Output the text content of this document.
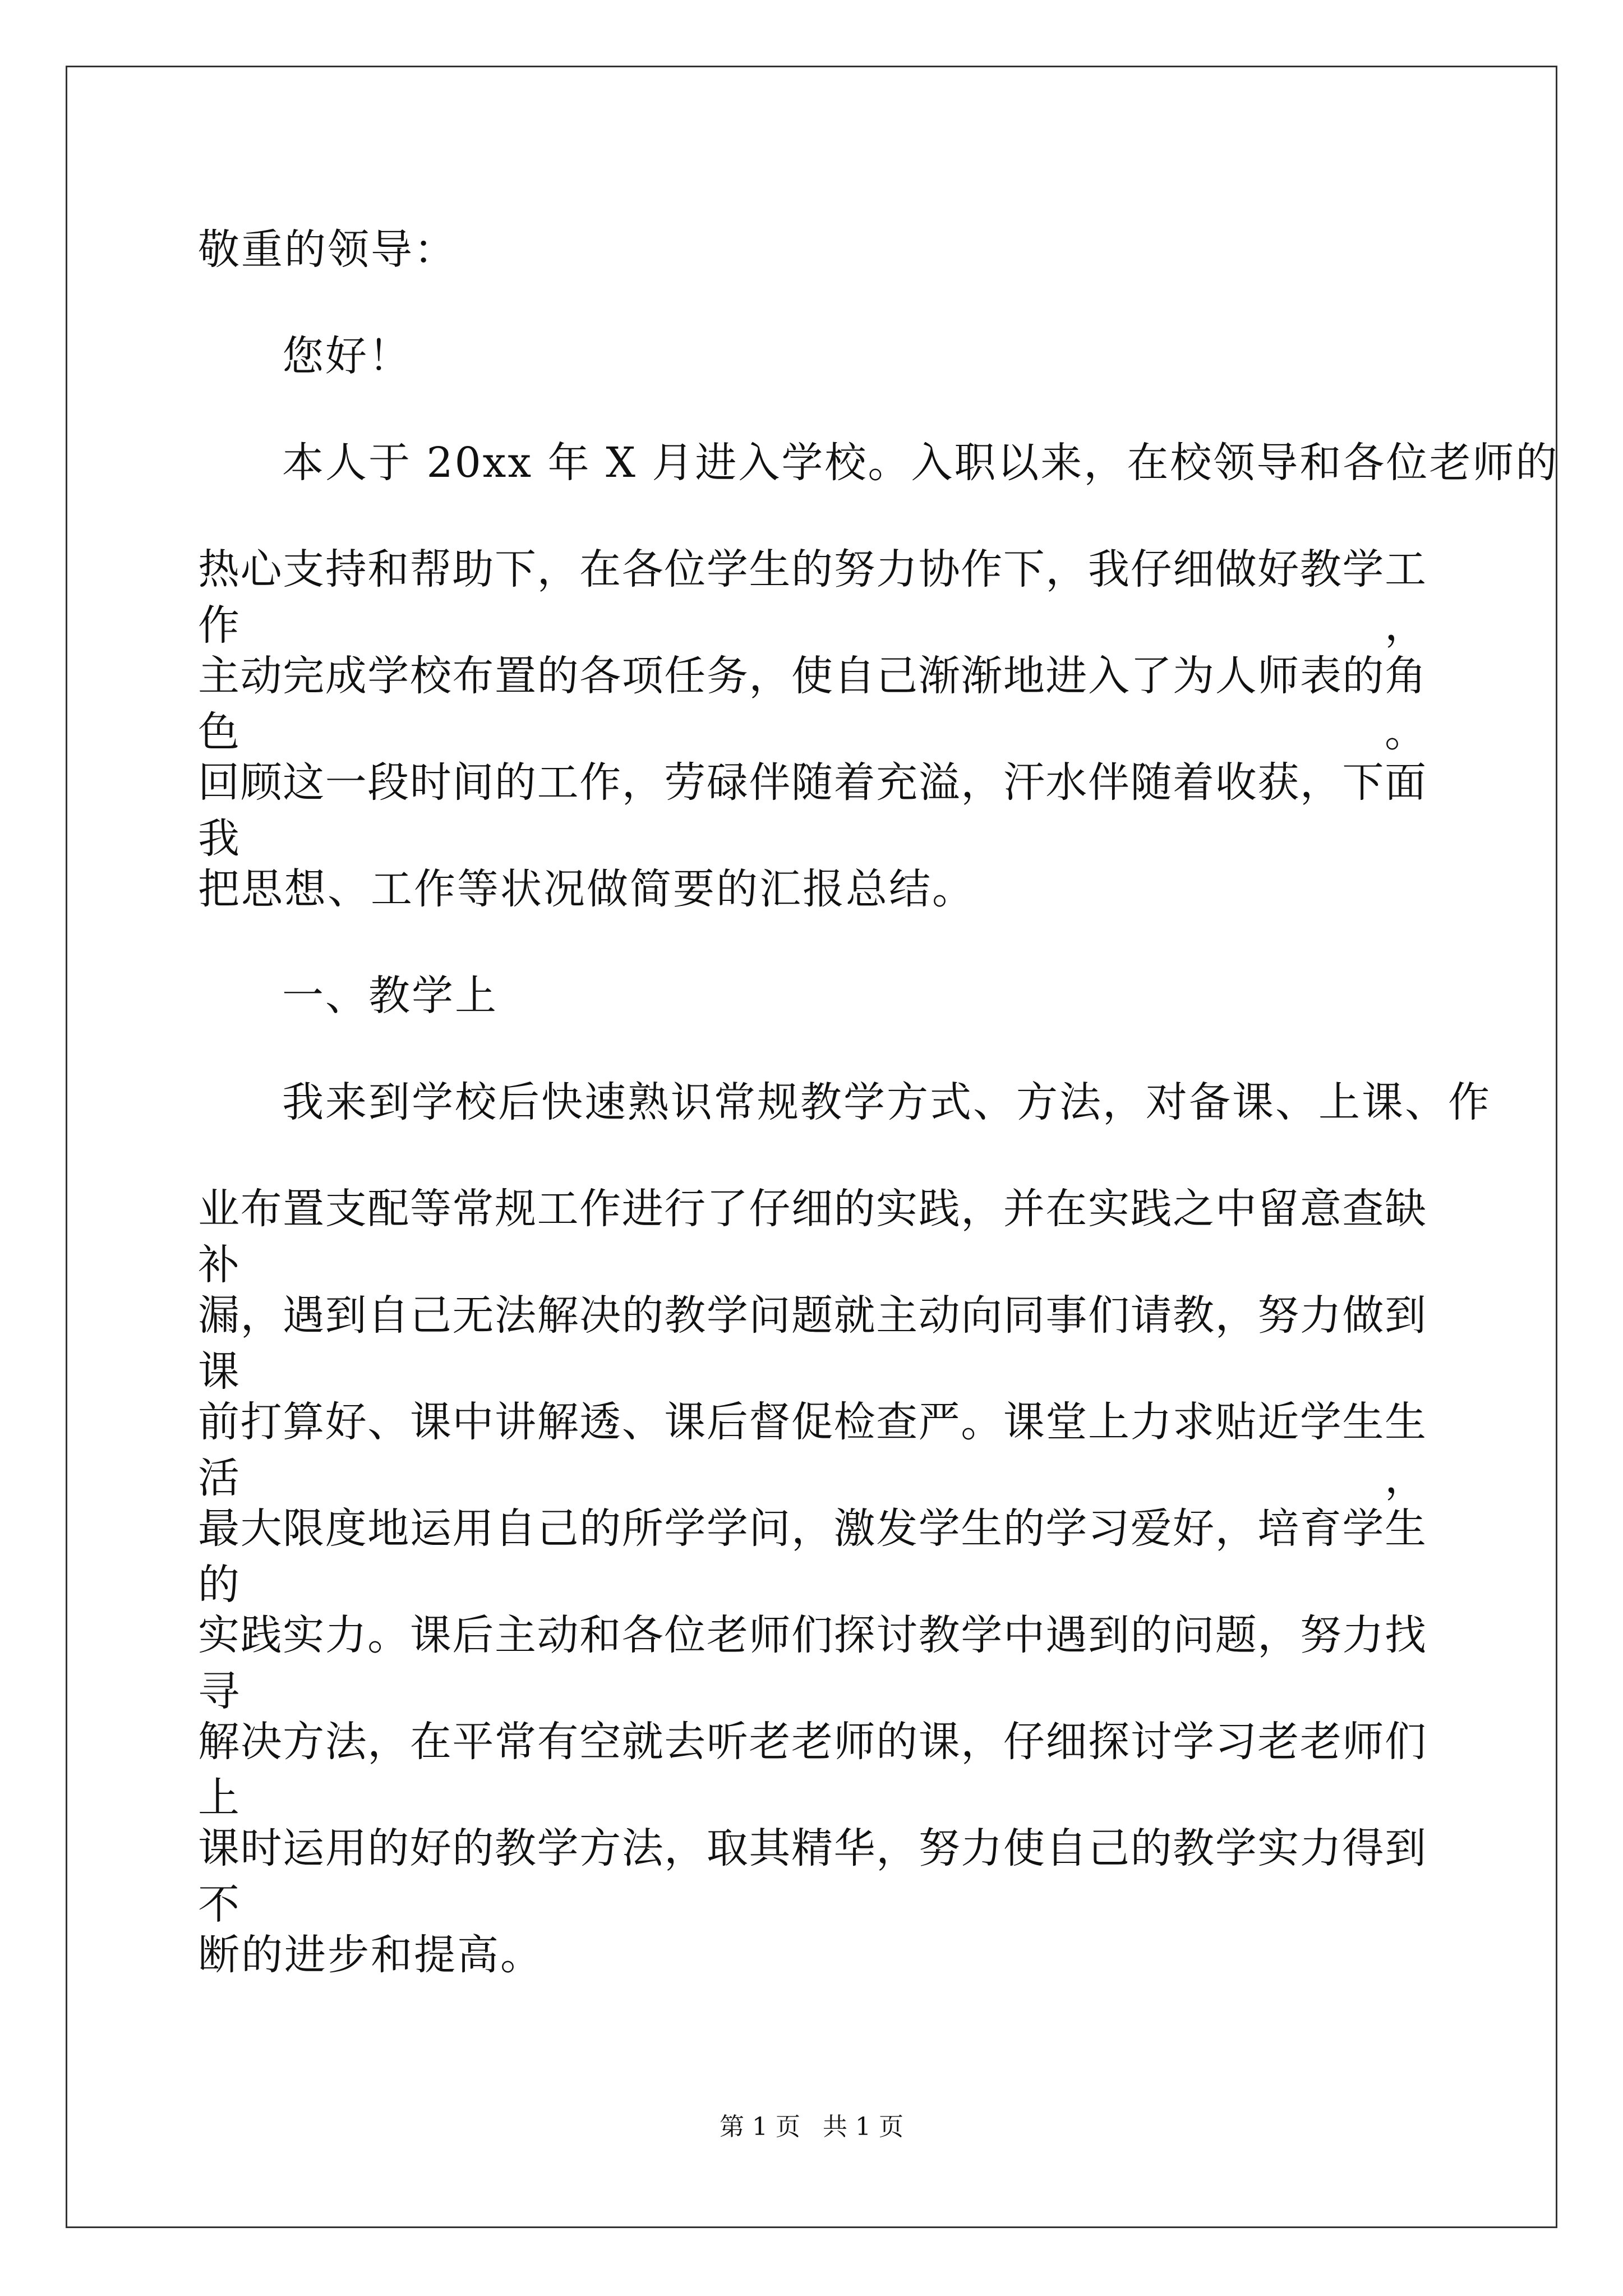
敬重的领导：
您好！
本人于 20xx 年 X 月进入学校。入职以来，在校领导和各位老师的
热心支持和帮助下，在各位学生的努力协作下，我仔细做好教学工作，
主动完成学校布置的各项任务，使自己渐渐地进入了为人师表的角色。
回顾这一段时间的工作，劳碌伴随着充溢，汗水伴随着收获，下面我
把思想、工作等状况做简要的汇报总结。
一、教学上
我来到学校后快速熟识常规教学方式、方法，对备课、上课、作
业布置支配等常规工作进行了仔细的实践，并在实践之中留意查缺补
漏，遇到自己无法解决的教学问题就主动向同事们请教，努力做到课
前打算好、课中讲解透、课后督促检查严。课堂上力求贴近学生生活，
最大限度地运用自己的所学学问，激发学生的学习爱好，培育学生的
实践实力。课后主动和各位老师们探讨教学中遇到的问题，努力找寻
解决方法，在平常有空就去听老老师的课，仔细探讨学习老老师们上
课时运用的好的教学方法，取其精华，努力使自己的教学实力得到不
断的进步和提高。
第 1 页 共 1 页
